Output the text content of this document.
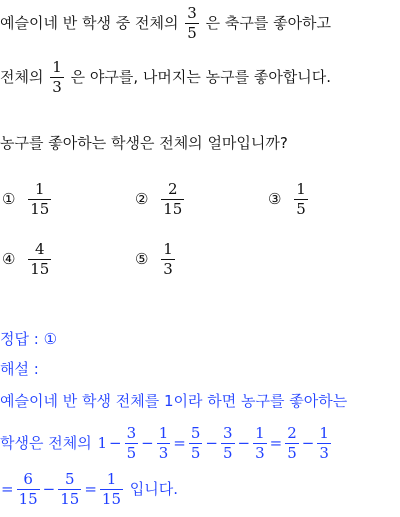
예슬이네 반 학생 중 전체의 $\frac{3}{5}$ 은 축구를 좋아하고
전체의 $\frac{1}{3}$ 은 야구를, 나머지는 농구를 좋아합니다.
농구를 좋아하는 학생은 전체의 얼마입니까?
① $\frac{1}{15}$	② $\frac{2}{15}$	③ $\frac{1}{5}$
④ $\frac{4}{15}$	⑤ $\frac{1}{3}$
정답 : ①
해설 :
예슬이네 반 학생 전체를 1이라 하면 농구를 좋아하는
학생은 전체의 $1 - \frac{3}{5} - \frac{1}{3} = \frac{5}{5} - \frac{3}{5} - \frac{1}{3} = \frac{2}{5} - \frac{1}{3}$
= $\frac{6}{15} - \frac{5}{15} = \frac{1}{15}$ 입니다.
